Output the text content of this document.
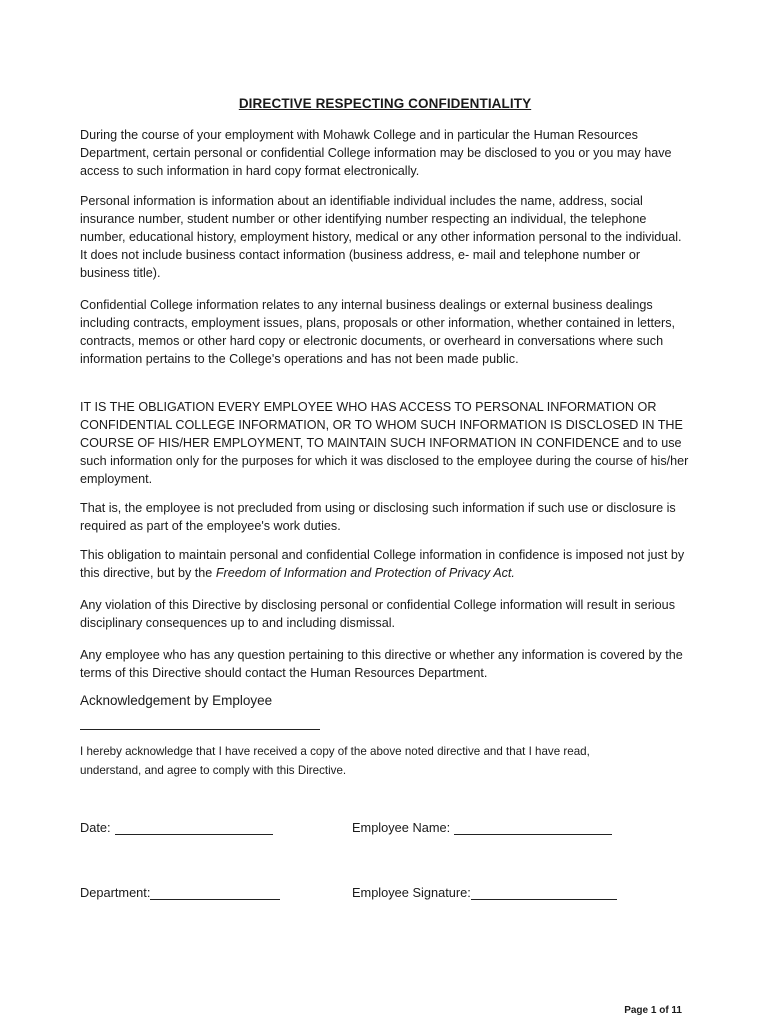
DIRECTIVE RESPECTING CONFIDENTIALITY

During the course of your employment with Mohawk College and in particular the Human Resources Department, certain personal or confidential College information may be disclosed to you or you may have access to such information in hard copy format electronically.

Personal information is information about an identifiable individual includes the name, address, social insurance number, student number or other identifying number respecting an individual, the telephone number, educational history, employment history, medical or any other information personal to the individual. It does not include business contact information (business address, e- mail and telephone number or business title).

Confidential College information relates to any internal business dealings or external business dealings including contracts, employment issues, plans, proposals or other information, whether contained in letters, contracts, memos or other hard copy or electronic documents, or overheard in conversations where such information pertains to the College's operations and has not been made public.

IT IS THE OBLIGATION EVERY EMPLOYEE WHO HAS ACCESS TO PERSONAL INFORMATION OR CONFIDENTIAL COLLEGE INFORMATION, OR TO WHOM SUCH INFORMATION IS DISCLOSED IN THE COURSE OF HIS/HER EMPLOYMENT, TO MAINTAIN SUCH INFORMATION IN CONFIDENCE and to use such information only for the purposes for which it was disclosed to the employee during the course of his/her employment.

That is, the employee is not precluded from using or disclosing such information if such use or disclosure is required as part of the employee's work duties.

This obligation to maintain personal and confidential College information in confidence is imposed not just by this directive, but by the Freedom of Information and Protection of Privacy Act.

Any violation of this Directive by disclosing personal or confidential College information will result in serious disciplinary consequences up to and including dismissal.

Any employee who has any question pertaining to this directive or whether any information is covered by the terms of this Directive should contact the Human Resources Department.

Acknowledgement by Employee

I hereby acknowledge that I have received a copy of the above noted directive and that I have read, understand, and agree to comply with this Directive.

Date:	Employee Name:
Department:	Employee Signature:
Page 1 of 11
